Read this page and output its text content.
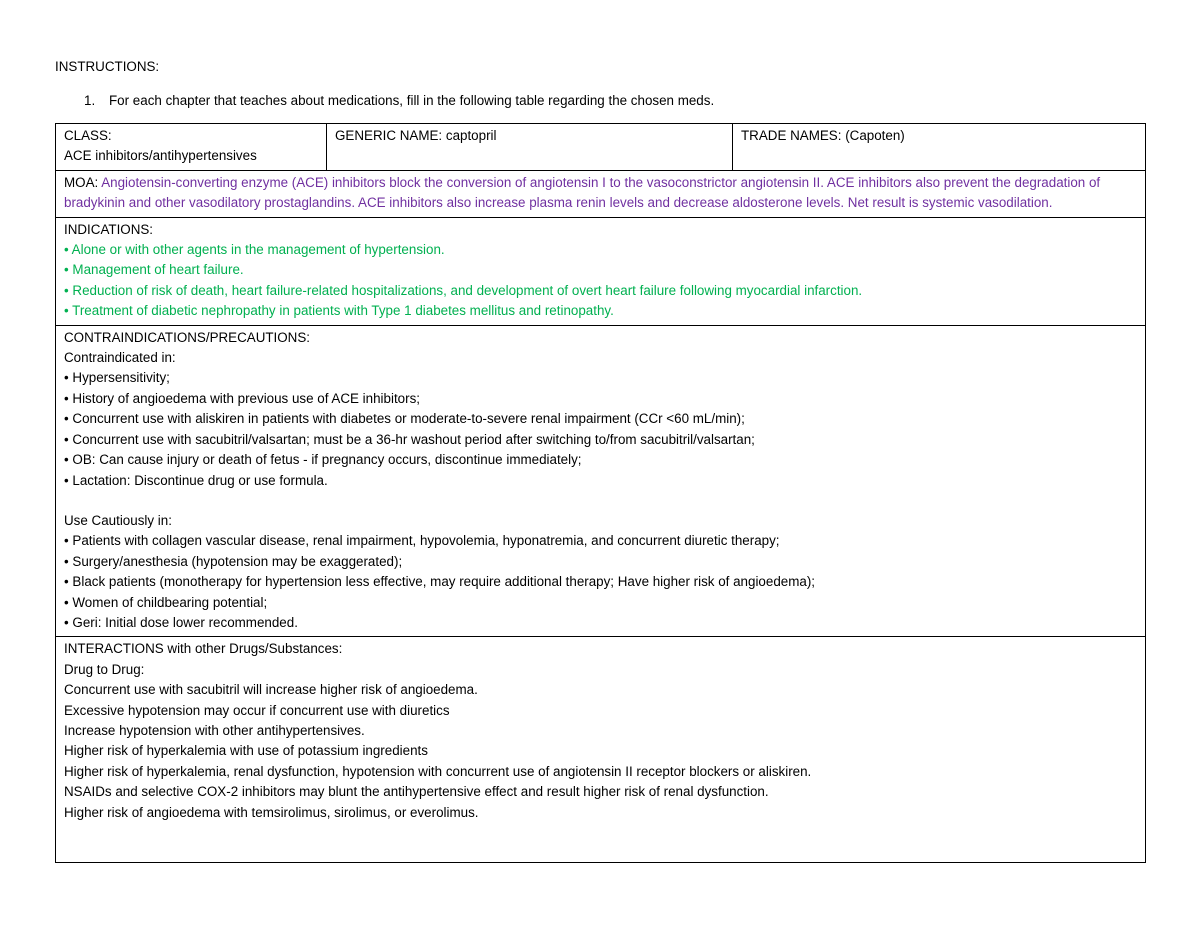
INSTRUCTIONS:
1. For each chapter that teaches about medications, fill in the following table regarding the chosen meds.
CLASS:
ACE inhibitors/antihypertensives
	GENERIC NAME: captopril	TRADE NAMES: (Capoten)
MOA: Angiotensin-converting enzyme (ACE) inhibitors block the conversion of angiotensin I to the vasoconstrictor angiotensin II. ACE inhibitors also prevent the degradation of bradykinin and other vasodilatory prostaglandins. ACE inhibitors also increase plasma renin levels and decrease aldosterone levels. Net result is systemic vasodilation.

INDICATIONS:
• Alone or with other agents in the management of hypertension.
• Management of heart failure.
• Reduction of risk of death, heart failure-related hospitalizations, and development of overt heart failure following myocardial infarction.
• Treatment of diabetic nephropathy in patients with Type 1 diabetes mellitus and retinopathy.

CONTRAINDICATIONS/PRECAUTIONS:
Contraindicated in:
• Hypersensitivity;
• History of angioedema with previous use of ACE inhibitors;
• Concurrent use with aliskiren in patients with diabetes or moderate-to-severe renal impairment (CCr <60 mL/min);
• Concurrent use with sacubitril/valsartan; must be a 36-hr washout period after switching to/from sacubitril/valsartan;
• OB: Can cause injury or death of fetus - if pregnancy occurs, discontinue immediately;
• Lactation: Discontinue drug or use formula.
Use Cautiously in:
• Patients with collagen vascular disease, renal impairment, hypovolemia, hyponatremia, and concurrent diuretic therapy;
• Surgery/anesthesia (hypotension may be exaggerated);
• Black patients (monotherapy for hypertension less effective, may require additional therapy; Have higher risk of angioedema);
• Women of childbearing potential;
• Geri: Initial dose lower recommended.

INTERACTIONS with other Drugs/Substances:
Drug to Drug:
Concurrent use with sacubitril will increase higher risk of angioedema.
Excessive hypotension may occur if concurrent use with diuretics
Increase hypotension with other antihypertensives.
Higher risk of hyperkalemia with use of potassium ingredients
Higher risk of hyperkalemia, renal dysfunction, hypotension with concurrent use of angiotensin II receptor blockers or aliskiren.
NSAIDs and selective COX-2 inhibitors may blunt the antihypertensive effect and result higher risk of renal dysfunction.
Higher risk of angioedema with temsirolimus, sirolimus, or everolimus.
